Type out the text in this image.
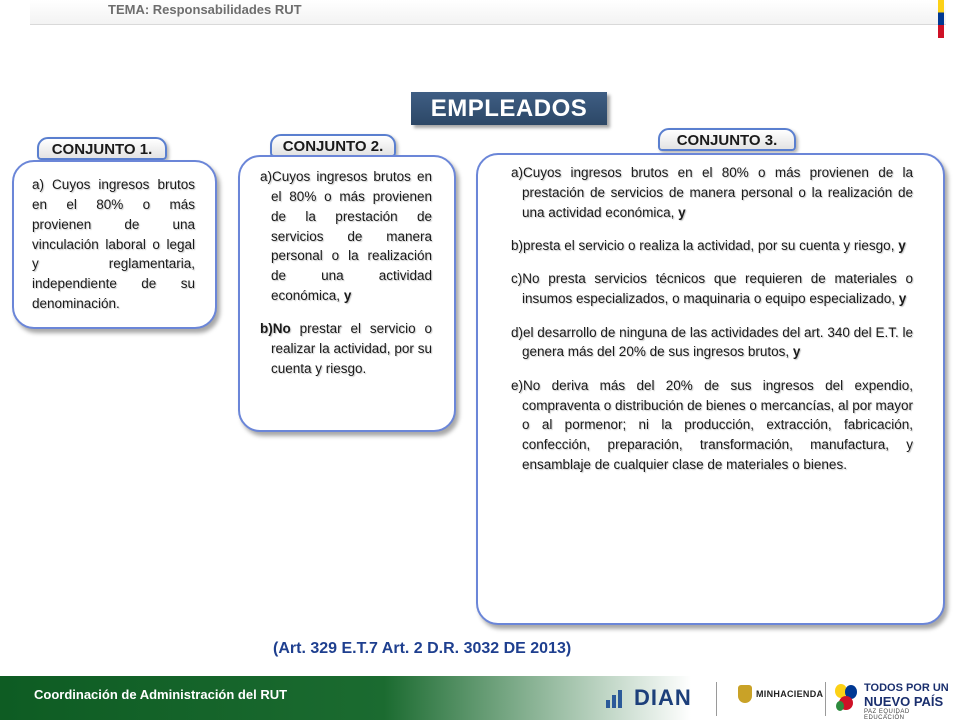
TEMA: Responsabilidades RUT
EMPLEADOS
CONJUNTO 1.
a) Cuyos ingresos brutos en el 80% o más provienen de una vinculación laboral o legal y reglamentaria, independiente de su denominación.
CONJUNTO 2.
a)Cuyos ingresos brutos en el 80% o más provienen de la prestación de servicios de manera personal o la realización de una actividad económica, y
b)No prestar el servicio o realizar la actividad, por su cuenta y riesgo.
CONJUNTO 3.
a)Cuyos ingresos brutos en el 80% o más provienen de la prestación de servicios de manera personal o la realización de una actividad económica, y
b)presta el servicio o realiza la actividad, por su cuenta y riesgo, y
c)No presta servicios técnicos que requieren de materiales o insumos especializados, o maquinaria o equipo especializado, y
d)el desarrollo de ninguna de las actividades del art. 340 del E.T. le genera más del 20% de sus ingresos brutos, y
e)No deriva más del 20% de sus ingresos del expendio, compraventa o distribución de bienes o mercancías, al por mayor o al pormenor; ni la producción, extracción, fabricación, confección, preparación, transformación, manufactura, y ensamblaje de cualquier clase de materiales o bienes.
(Art. 329 E.T.7 Art. 2 D.R. 3032 DE 2013)
Coordinación de Administración del RUT	DIAN	MINHACIENDA	TODOS POR UN
NUEVO PAÍS
PAZ EQUIDAD EDUCACIÓN
